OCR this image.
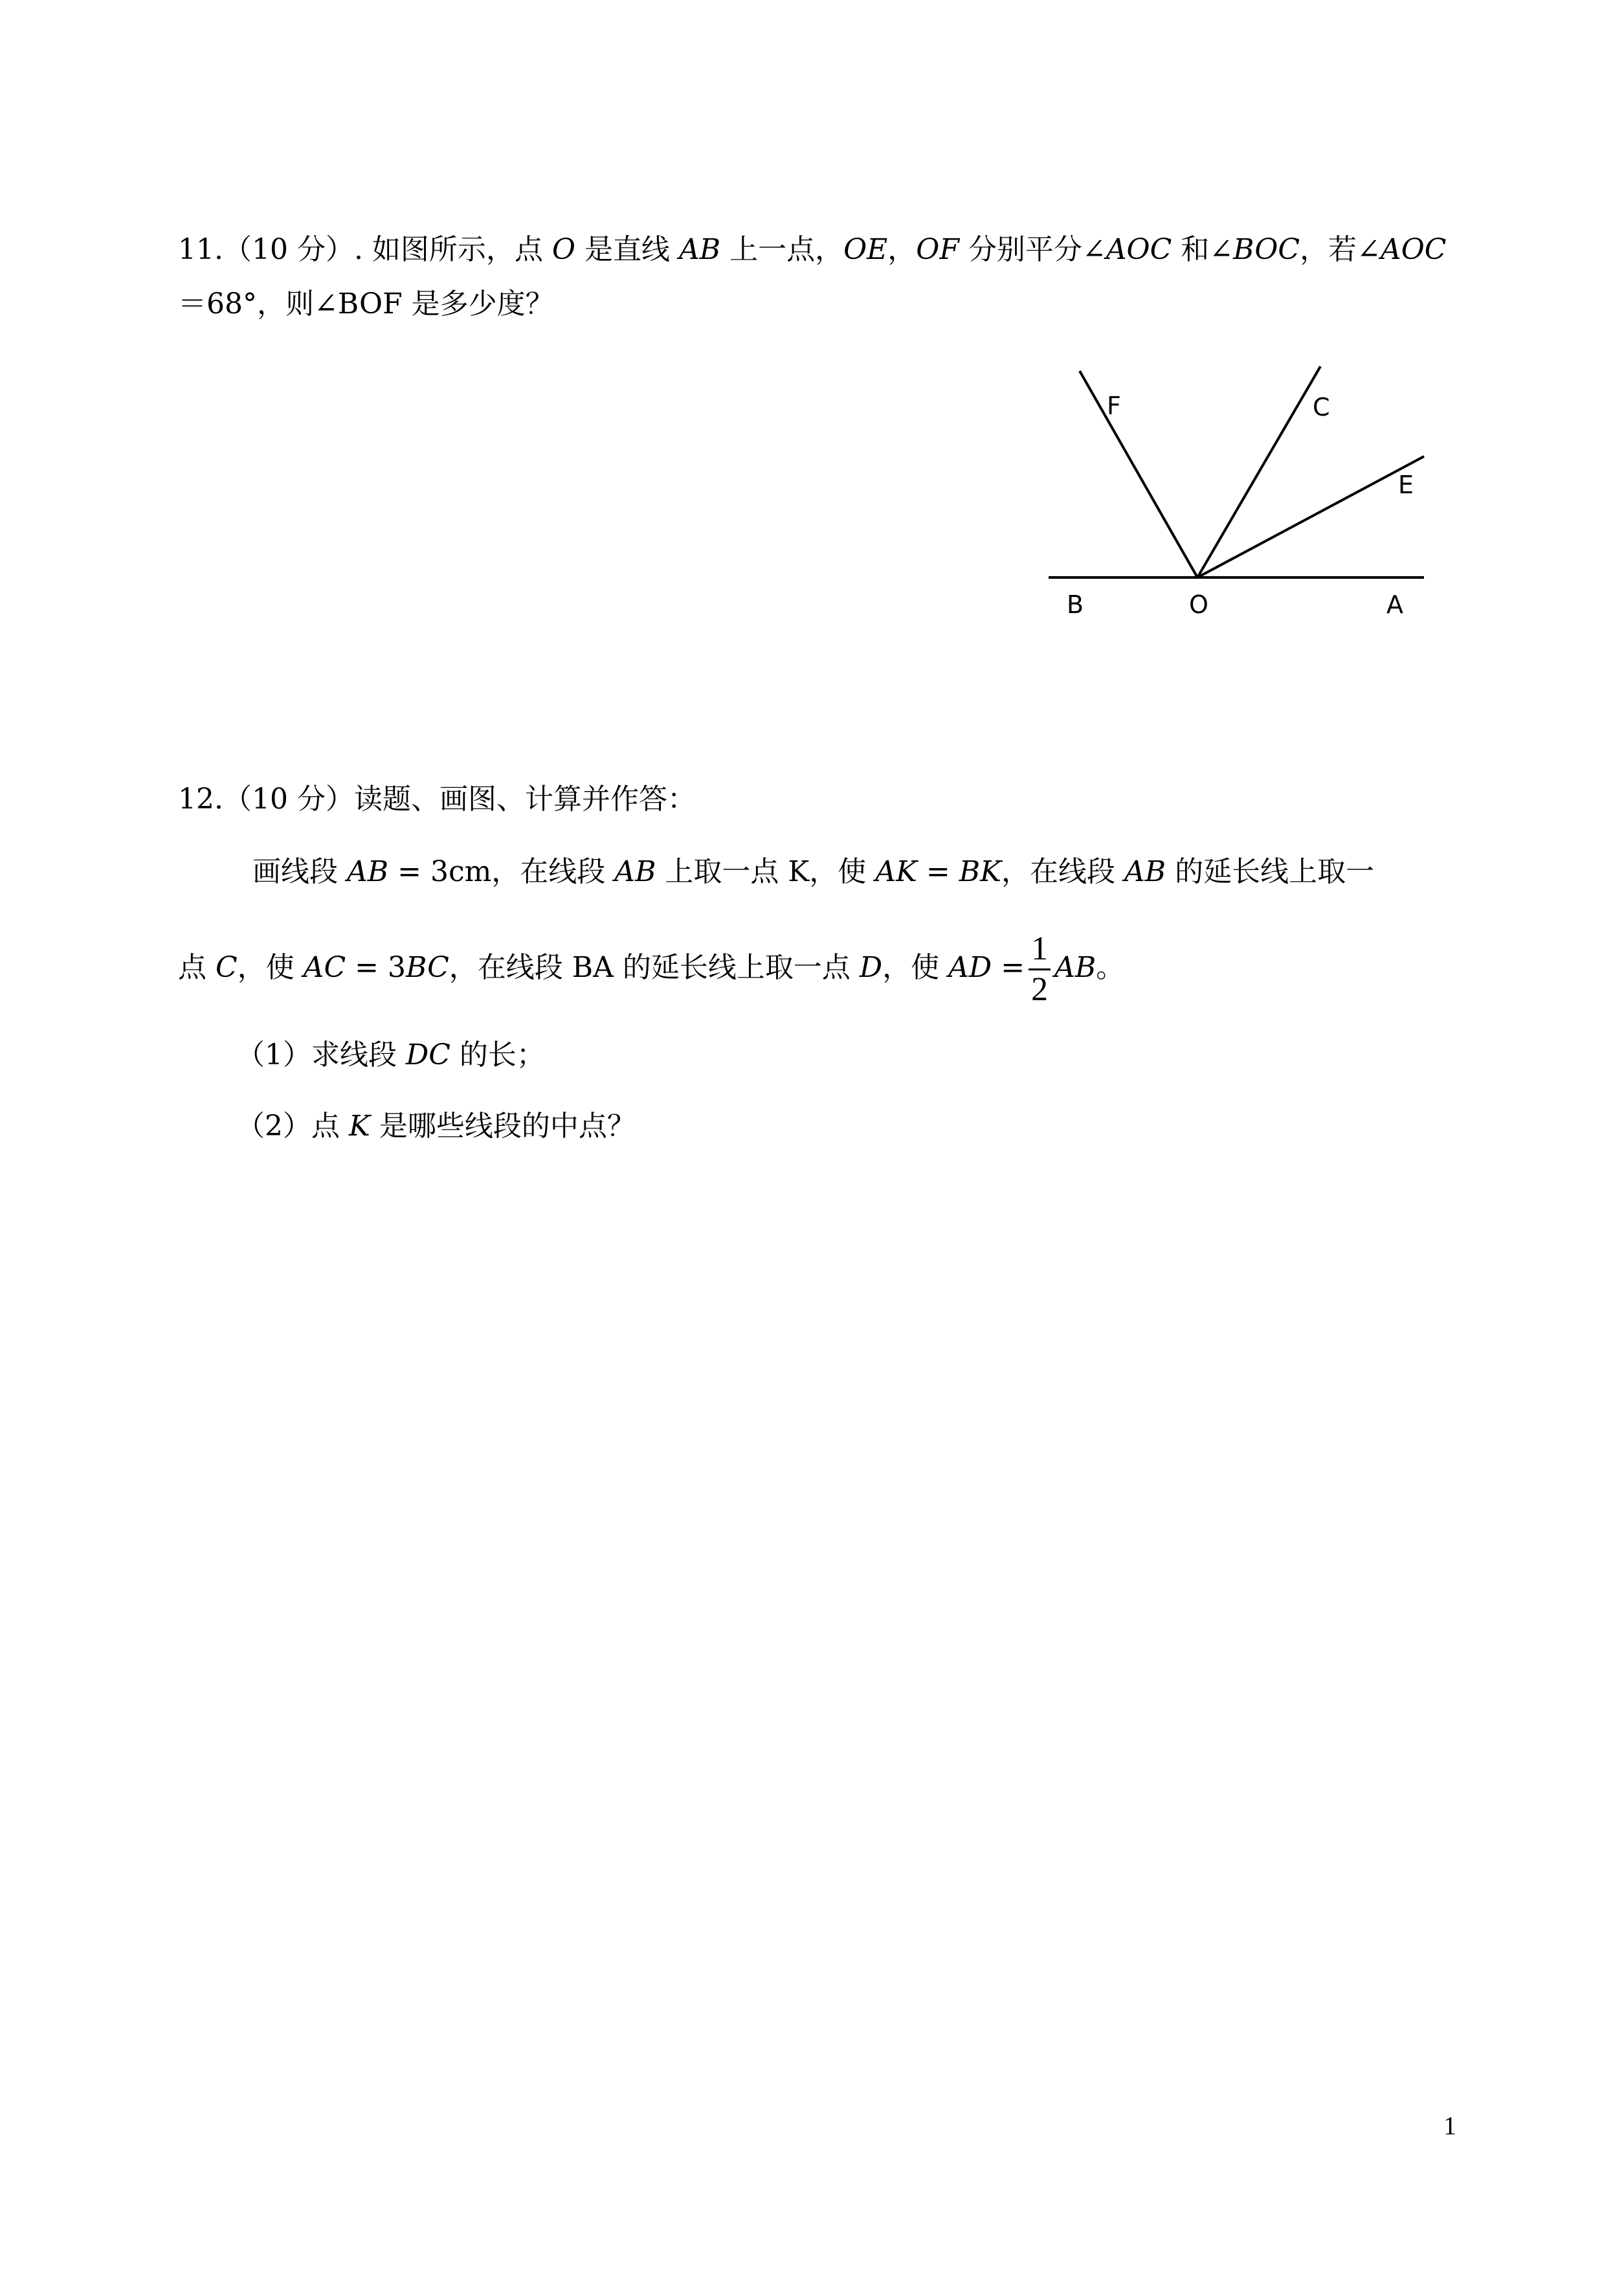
11.（10 分）. 如图所示，点 O 是直线 AB 上一点，OE，OF 分别平分∠AOC 和∠BOC，若∠AOC
＝68°，则∠BOF 是多少度？
F	C
E
B	O	A
12.（10 分）读题、画图、计算并作答：
画线段 AB = 3cm，在线段 AB 上取一点 K，使 AK = BK，在线段 AB 的延长线上取一
点 C，使 AC = 3BC，在线段 BA 的延长线上取一点 D，使 AD = $\frac{1}{2}$ AB。
（1）求线段 DC 的长；
（2）点 K 是哪些线段的中点？
1
